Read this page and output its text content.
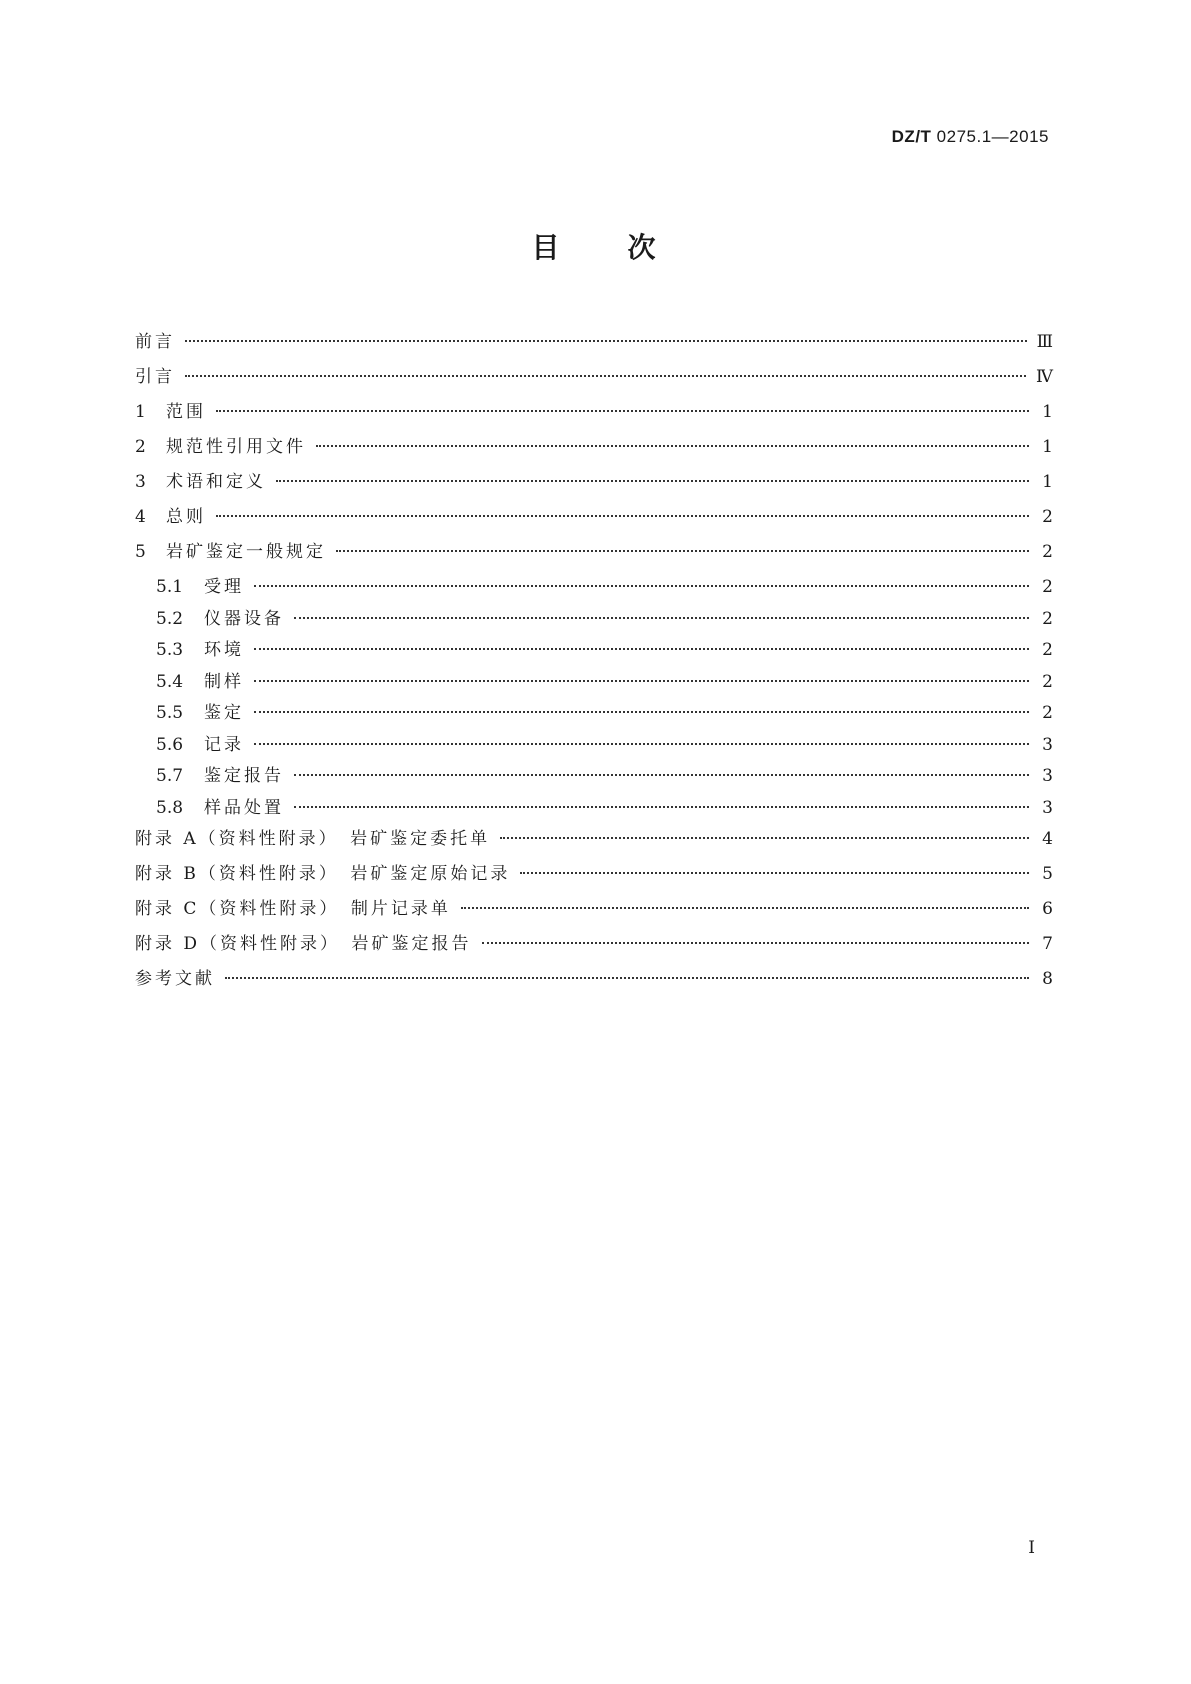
DZ/T 0275.1—2015
目　　次
前言	Ⅲ
引言	Ⅳ
1	范围	1
2	规范性引用文件	1
3	术语和定义	1
4	总则	2
5	岩矿鉴定一般规定	2
5.1	受理	2
5.2	仪器设备	2
5.3	环境	2
5.4	制样	2
5.5	鉴定	2
5.6	记录	3
5.7	鉴定报告	3
5.8	样品处置	3
附录 A（资料性附录）　岩矿鉴定委托单	4
附录 B（资料性附录）　岩矿鉴定原始记录	5
附录 C（资料性附录）　制片记录单	6
附录 D（资料性附录）　岩矿鉴定报告	7
参考文献	8
I
